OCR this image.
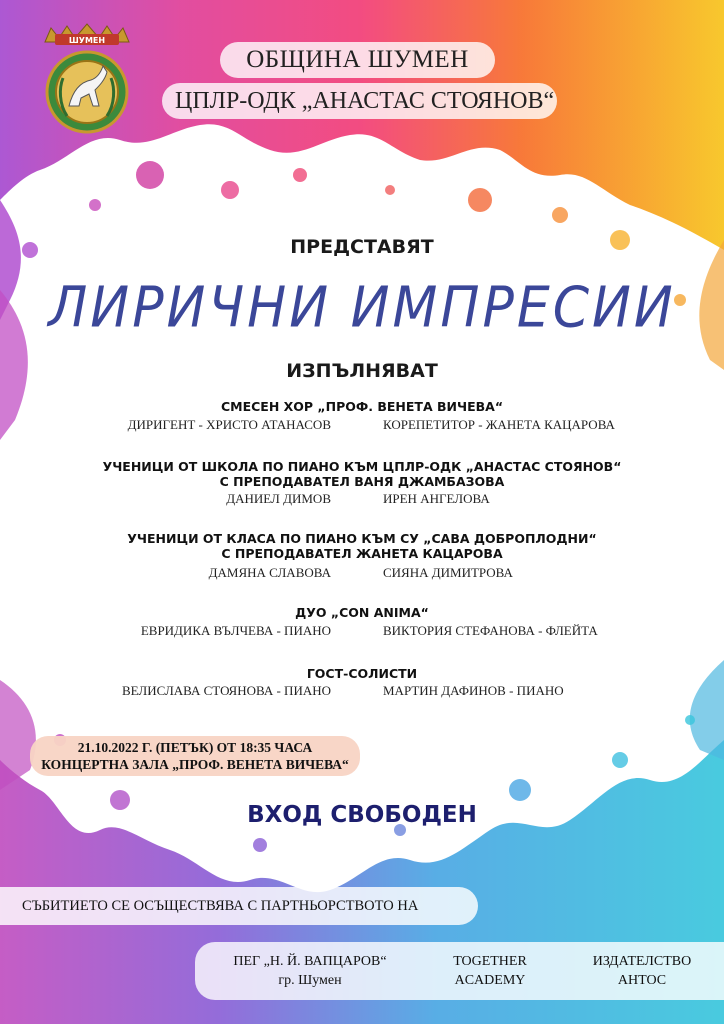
ШУМЕН
ОБЩИНА ШУМЕН
ЦПЛР-ОДК „АНАСТАС СТОЯНОВ“
ПРЕДСТАВЯТ
ЛИРИЧНИ ИМПРЕСИИ
ИЗПЪЛНЯВАТ
СМЕСЕН ХОР „ПРОФ. ВЕНЕТА ВИЧЕВА“
ДИРИГЕНТ - ХРИСТО АТАНАСОВ	КОРЕПЕТИТОР - ЖАНЕТА КАЦАРОВА
УЧЕНИЦИ ОТ ШКОЛА ПО ПИАНО КЪМ ЦПЛР-ОДК „АНАСТАС СТОЯНОВ“
С ПРЕПОДАВАТЕЛ ВАНЯ ДЖАМБАЗОВА
ДАНИЕЛ ДИМОВ	ИРЕН АНГЕЛОВА
УЧЕНИЦИ ОТ КЛАСА ПО ПИАНО КЪМ СУ „САВА ДОБРОПЛОДНИ“
С ПРЕПОДАВАТЕЛ ЖАНЕТА КАЦАРОВА
ДАМЯНА СЛАВОВА	СИЯНА ДИМИТРОВА
ДУО „CON ANIMA“
ЕВРИДИКА ВЪЛЧЕВА - ПИАНО	ВИКТОРИЯ СТЕФАНОВА - ФЛЕЙТА
ГОСТ-СОЛИСТИ
ВЕЛИСЛАВА СТОЯНОВА - ПИАНО	МАРТИН ДАФИНОВ - ПИАНО
21.10.2022 Г. (ПЕТЪК) ОТ 18:35 ЧАСА
КОНЦЕРТНА ЗАЛА „ПРОФ. ВЕНЕТА ВИЧЕВА“
ВХОД СВОБОДЕН
СЪБИТИЕТО СЕ ОСЪЩЕСТВЯВА С ПАРТНЬОРСТВОТО НА
ПЕГ „Н. Й. ВАПЦАРОВ“
гр. Шумен
TOGETHER
ACADEMY
ИЗДАТЕЛСТВО
АНТОС
